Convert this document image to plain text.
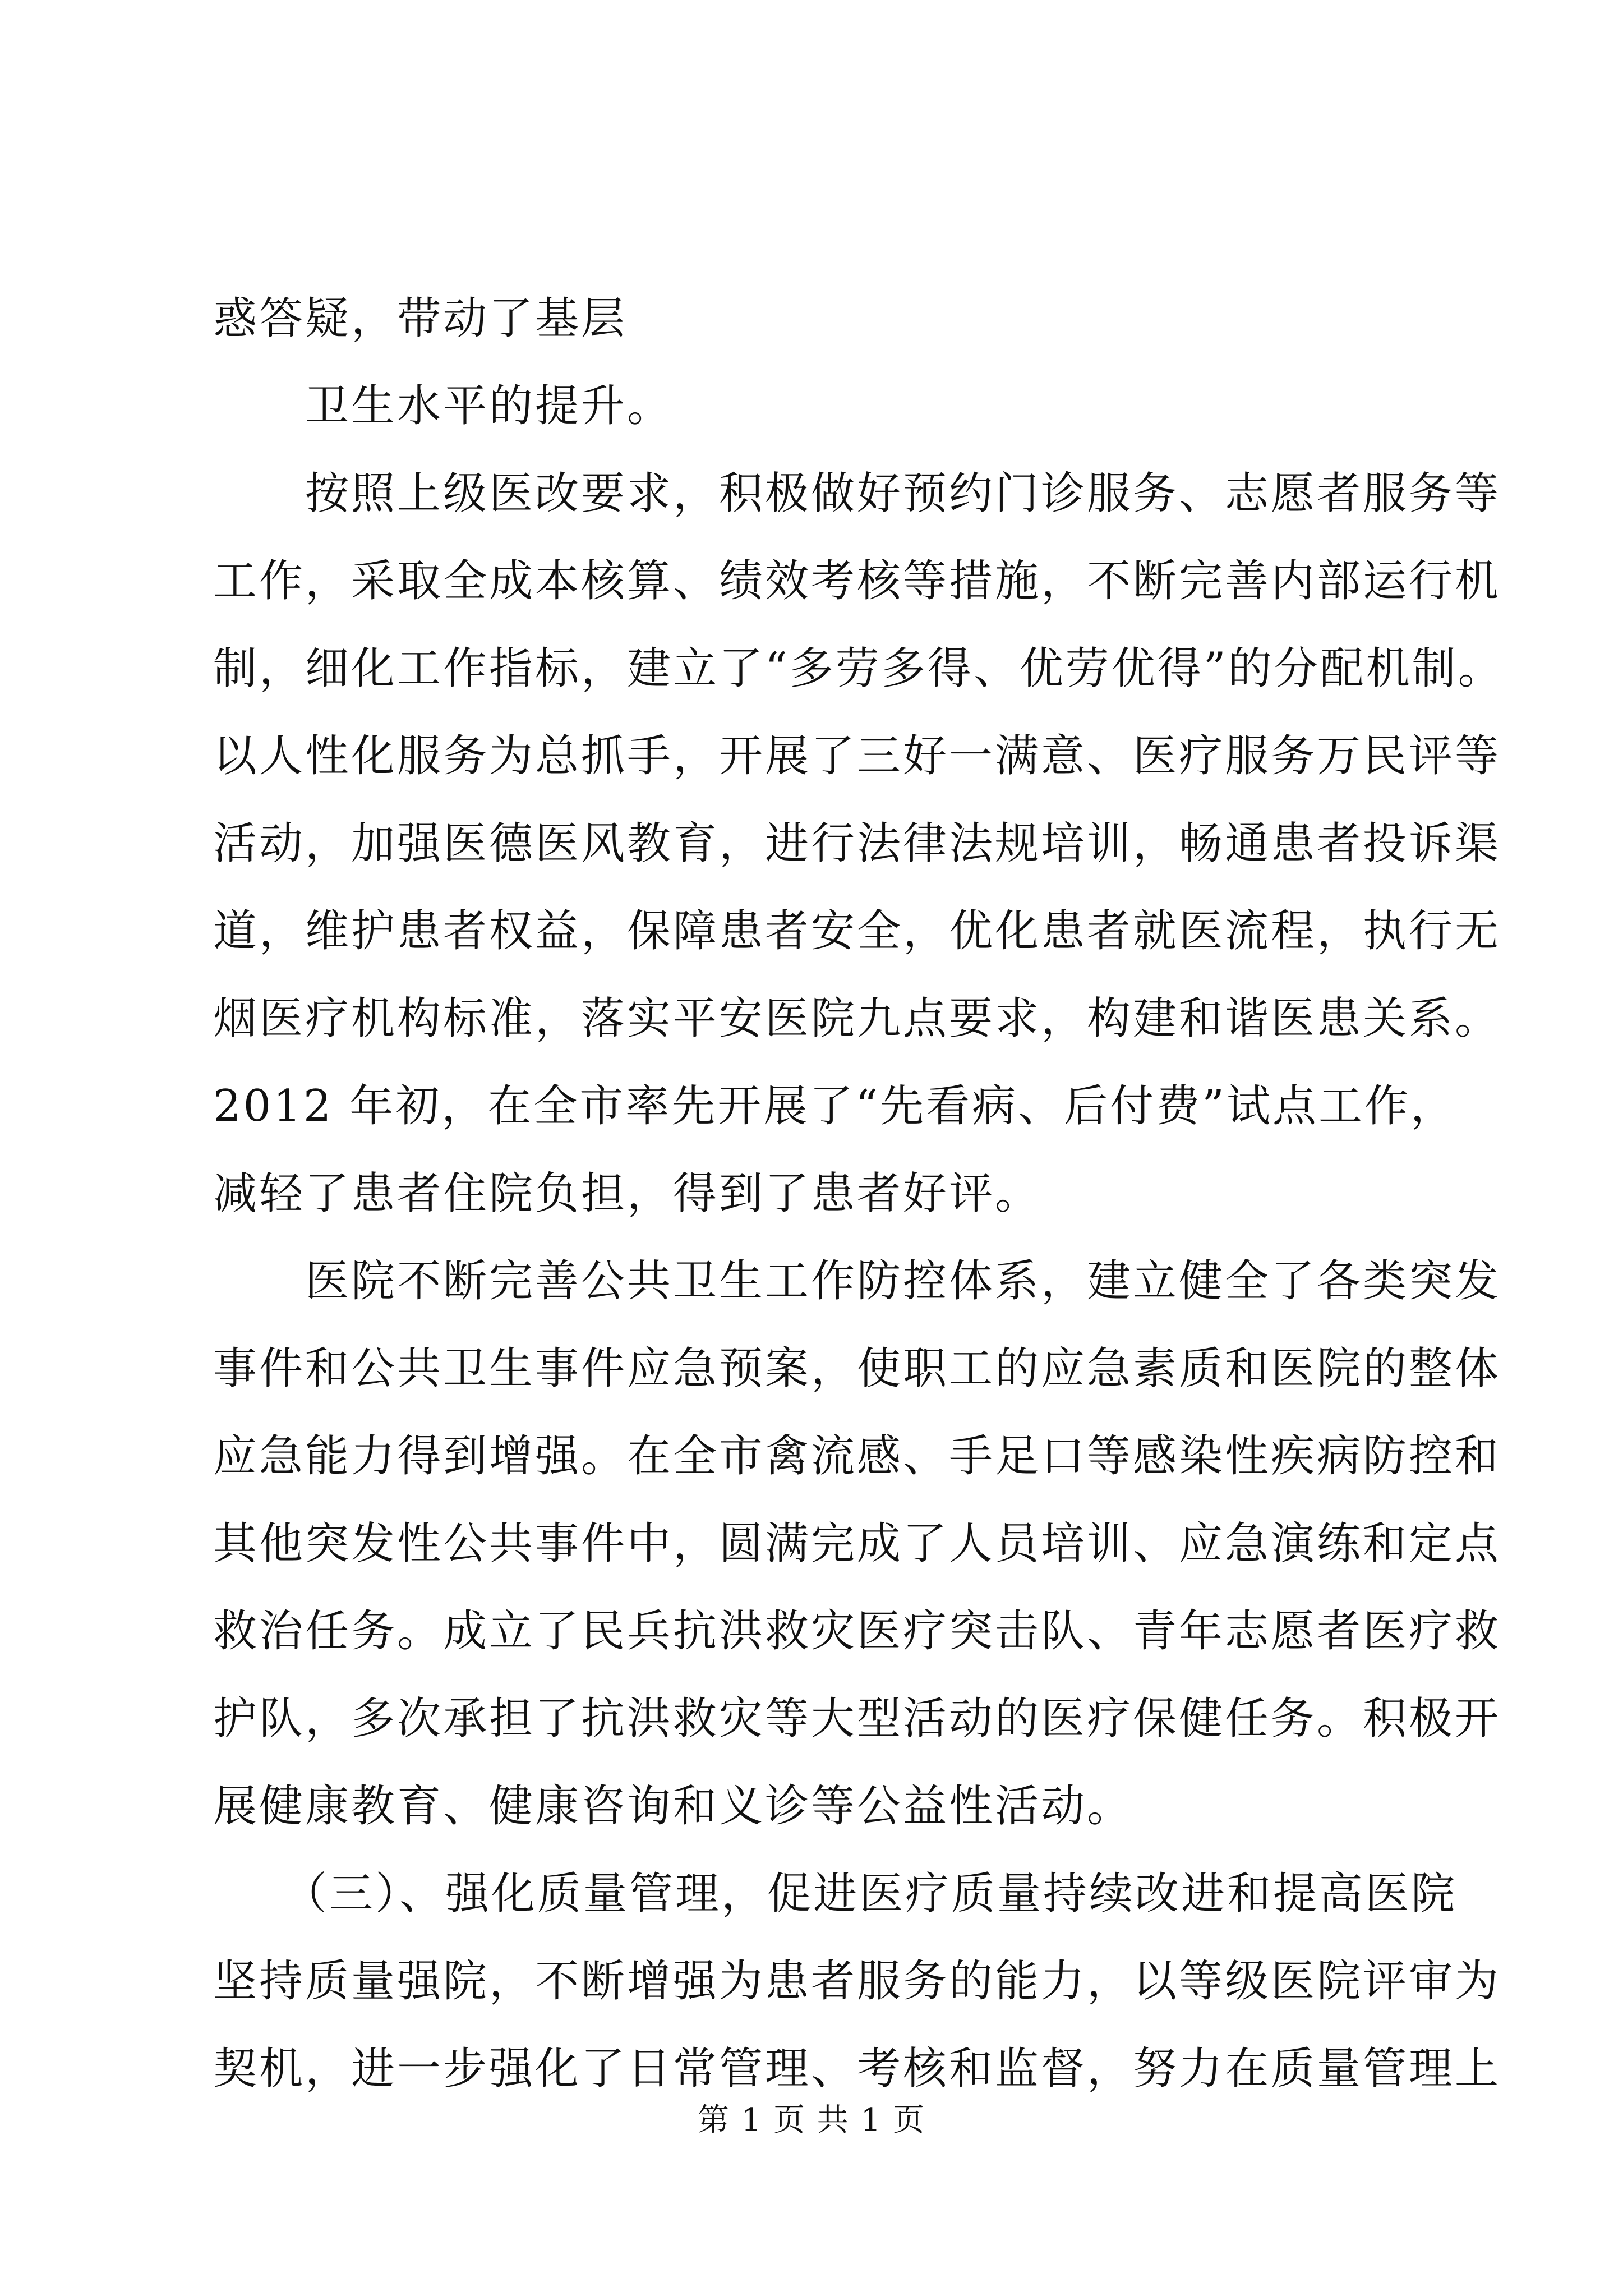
惑答疑，带动了基层
　　卫生水平的提升。
　　按照上级医改要求，积极做好预约门诊服务、志愿者服务等
工作，采取全成本核算、绩效考核等措施，不断完善内部运行机
制，细化工作指标，建立了“多劳多得、优劳优得”的分配机制。
以人性化服务为总抓手，开展了三好一满意、医疗服务万民评等
活动，加强医德医风教育，进行法律法规培训，畅通患者投诉渠
道，维护患者权益，保障患者安全，优化患者就医流程，执行无
烟医疗机构标准，落实平安医院九点要求，构建和谐医患关系。
2012 年初，在全市率先开展了“先看病、后付费”试点工作，
减轻了患者住院负担，得到了患者好评。
　　医院不断完善公共卫生工作防控体系，建立健全了各类突发
事件和公共卫生事件应急预案，使职工的应急素质和医院的整体
应急能力得到增强。在全市禽流感、手足口等感染性疾病防控和
其他突发性公共事件中，圆满完成了人员培训、应急演练和定点
救治任务。成立了民兵抗洪救灾医疗突击队、青年志愿者医疗救
护队，多次承担了抗洪救灾等大型活动的医疗保健任务。积极开
展健康教育、健康咨询和义诊等公益性活动。
　　（三）、强化质量管理，促进医疗质量持续改进和提高医院
坚持质量强院，不断增强为患者服务的能力，以等级医院评审为
契机，进一步强化了日常管理、考核和监督，努力在质量管理上
第 1 页 共 1 页
